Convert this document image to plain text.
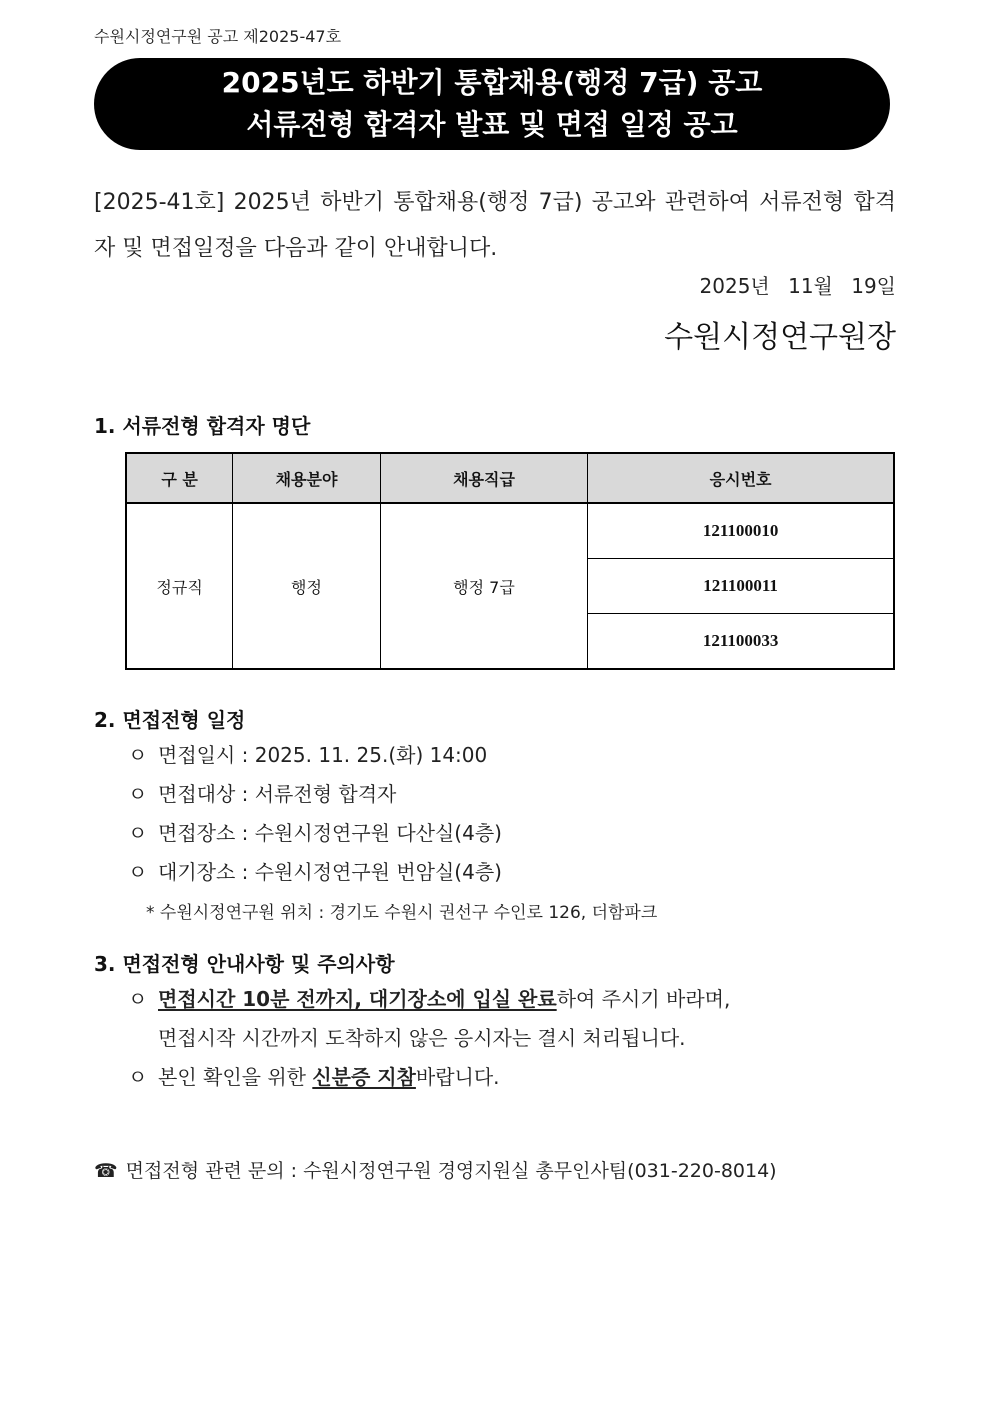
수원시정연구원 공고 제2025-47호
2025년도 하반기 통합채용(행정 7급) 공고
서류전형 합격자 발표 및 면접 일정 공고
[2025-41호] 2025년 하반기 통합채용(행정 7급) 공고와 관련하여 서류전형 합격자 및 면접일정을 다음과 같이 안내합니다.
2025년 11월 19일
수원시정연구원장
1. 서류전형 합격자 명단
구 분	채용분야	채용직급	응시번호
정규직	행정	행정 7급	121100010
			121100011
			121100033
2. 면접전형 일정
ㅇ 면접일시 : 2025. 11. 25.(화) 14:00
ㅇ 면접대상 : 서류전형 합격자
ㅇ 면접장소 : 수원시정연구원 다산실(4층)
ㅇ 대기장소 : 수원시정연구원 번암실(4층)
* 수원시정연구원 위치 : 경기도 수원시 권선구 수인로 126, 더함파크
3. 면접전형 안내사항 및 주의사항
ㅇ 면접시간 10분 전까지, 대기장소에 입실 완료하여 주시기 바라며,
면접시작 시간까지 도착하지 않은 응시자는 결시 처리됩니다.
ㅇ 본인 확인을 위한 신분증 지참바랍니다.
☎ 면접전형 관련 문의 : 수원시정연구원 경영지원실 총무인사팀(031-220-8014)
